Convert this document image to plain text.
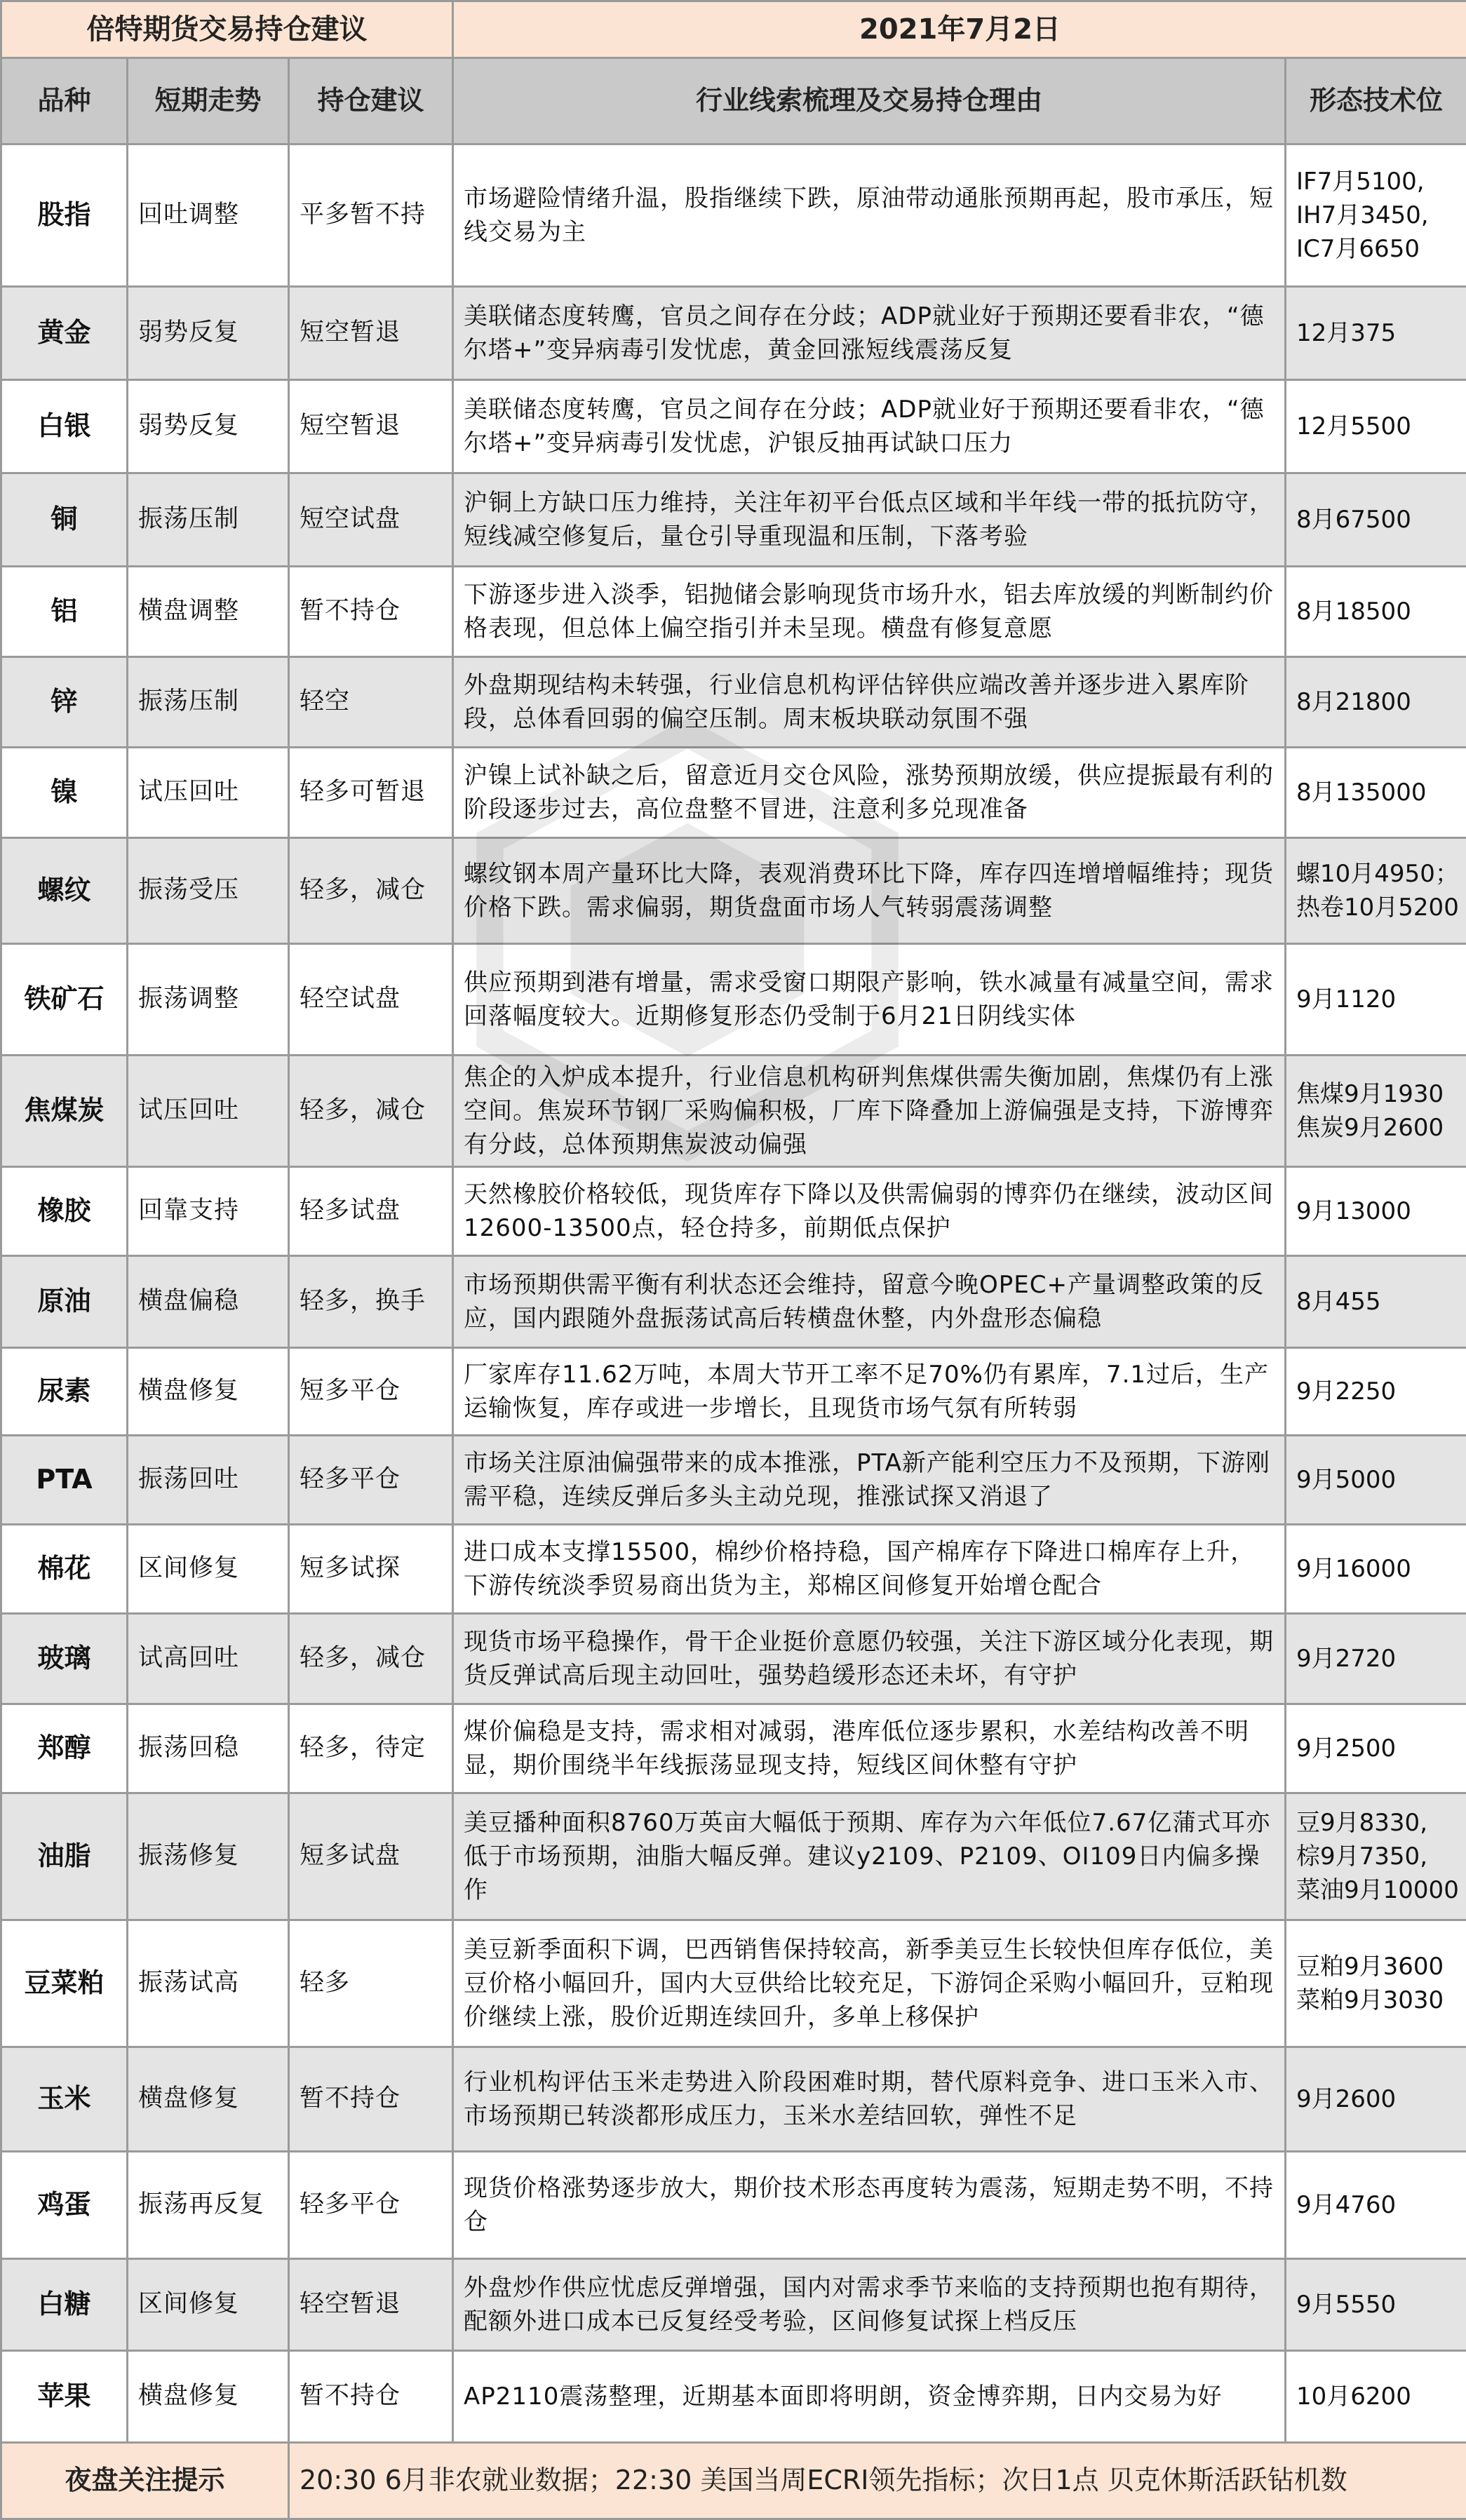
倍特期货交易持仓建议			2021年7月2日	
品种	短期走势	持仓建议	行业线索梳理及交易持仓理由	形态技术位
股指	回吐调整	平多暂不持	市场避险情绪升温，股指继续下跌，原油带动通胀预期再起，股市承压，短线交易为主	IF7月5100,
IH7月3450,
IC7月6650

黄金	弱势反复	短空暂退	美联储态度转鹰，官员之间存在分歧；ADP就业好于预期还要看非农，“德尔塔+”变异病毒引发忧虑，黄金回涨短线震荡反复	12月375

白银	弱势反复	短空暂退	美联储态度转鹰，官员之间存在分歧；ADP就业好于预期还要看非农，“德尔塔+”变异病毒引发忧虑，沪银反抽再试缺口压力	12月5500

铜	振荡压制	短空试盘	沪铜上方缺口压力维持，关注年初平台低点区域和半年线一带的抵抗防守，短线减空修复后，量仓引导重现温和压制，下落考验	8月67500

铝	横盘调整	暂不持仓	下游逐步进入淡季，铝抛储会影响现货市场升水，铝去库放缓的判断制约价格表现，但总体上偏空指引并未呈现。横盘有修复意愿	8月18500

锌	振荡压制	轻空	外盘期现结构未转强，行业信息机构评估锌供应端改善并逐步进入累库阶段，总体看回弱的偏空压制。周末板块联动氛围不强	8月21800

镍	试压回吐	轻多可暂退	沪镍上试补缺之后，留意近月交仓风险，涨势预期放缓，供应提振最有利的阶段逐步过去，高位盘整不冒进，注意利多兑现准备	8月135000

螺纹	振荡受压	轻多，减仓	螺纹钢本周产量环比大降，表观消费环比下降，库存四连增增幅维持；现货价格下跌。需求偏弱，期货盘面市场人气转弱震荡调整	螺10月4950；
热卷10月5200

铁矿石	振荡调整	轻空试盘	供应预期到港有增量，需求受窗口期限产影响，铁水减量有减量空间，需求回落幅度较大。近期修复形态仍受制于6月21日阴线实体	9月1120

焦煤炭	试压回吐	轻多，减仓	焦企的入炉成本提升，行业信息机构研判焦煤供需失衡加剧，焦煤仍有上涨空间。焦炭环节钢厂采购偏积极，厂库下降叠加上游偏强是支持，下游博弈有分歧，总体预期焦炭波动偏强	焦煤9月1930
焦炭9月2600

橡胶	回靠支持	轻多试盘	天然橡胶价格较低，现货库存下降以及供需偏弱的博弈仍在继续，波动区间12600-13500点，轻仓持多，前期低点保护	9月13000

原油	横盘偏稳	轻多，换手	市场预期供需平衡有利状态还会维持，留意今晚OPEC+产量调整政策的反应，国内跟随外盘振荡试高后转横盘休整，内外盘形态偏稳	8月455

尿素	横盘修复	短多平仓	厂家库存11.62万吨，本周大节开工率不足70%仍有累库，7.1过后，生产运输恢复，库存或进一步增长，且现货市场气氛有所转弱	9月2250

PTA	振荡回吐	轻多平仓	市场关注原油偏强带来的成本推涨，PTA新产能利空压力不及预期，下游刚需平稳，连续反弹后多头主动兑现，推涨试探又消退了	9月5000

棉花	区间修复	短多试探	进口成本支撑15500，棉纱价格持稳，国产棉库存下降进口棉库存上升，下游传统淡季贸易商出货为主，郑棉区间修复开始增仓配合	9月16000

玻璃	试高回吐	轻多，减仓	现货市场平稳操作，骨干企业挺价意愿仍较强，关注下游区域分化表现，期货反弹试高后现主动回吐，强势趋缓形态还未坏，有守护	9月2720

郑醇	振荡回稳	轻多，待定	煤价偏稳是支持，需求相对减弱，港库低位逐步累积，水差结构改善不明显，期价围绕半年线振荡显现支持，短线区间休整有守护	9月2500

油脂	振荡修复	短多试盘	美豆播种面积8760万英亩大幅低于预期、库存为六年低位7.67亿蒲式耳亦低于市场预期，油脂大幅反弹。建议y2109、P2109、OI109日内偏多操作	豆9月8330,
棕9月7350,
菜油9月10000

豆菜粕	振荡试高	轻多	美豆新季面积下调，巴西销售保持较高，新季美豆生长较快但库存低位，美豆价格小幅回升，国内大豆供给比较充足，下游饲企采购小幅回升，豆粕现价继续上涨，股价近期连续回升，多单上移保护	豆粕9月3600
菜粕9月3030

玉米	横盘修复	暂不持仓	行业机构评估玉米走势进入阶段困难时期，替代原料竞争、进口玉米入市、市场预期已转淡都形成压力，玉米水差结回软，弹性不足	9月2600

鸡蛋	振荡再反复	轻多平仓	现货价格涨势逐步放大，期价技术形态再度转为震荡，短期走势不明，不持仓	9月4760

白糖	区间修复	轻空暂退	外盘炒作供应忧虑反弹增强，国内对需求季节来临的支持预期也抱有期待，配额外进口成本已反复经受考验，区间修复试探上档反压	9月5550

苹果	横盘修复	暂不持仓	AP2110震荡整理，近期基本面即将明朗，资金博弈期，日内交易为好	10月6200

夜盘关注提示		20:30 6月非农就业数据；22:30 美国当周ECRI领先指标；次日1点 贝克休斯活跃钻机数		
